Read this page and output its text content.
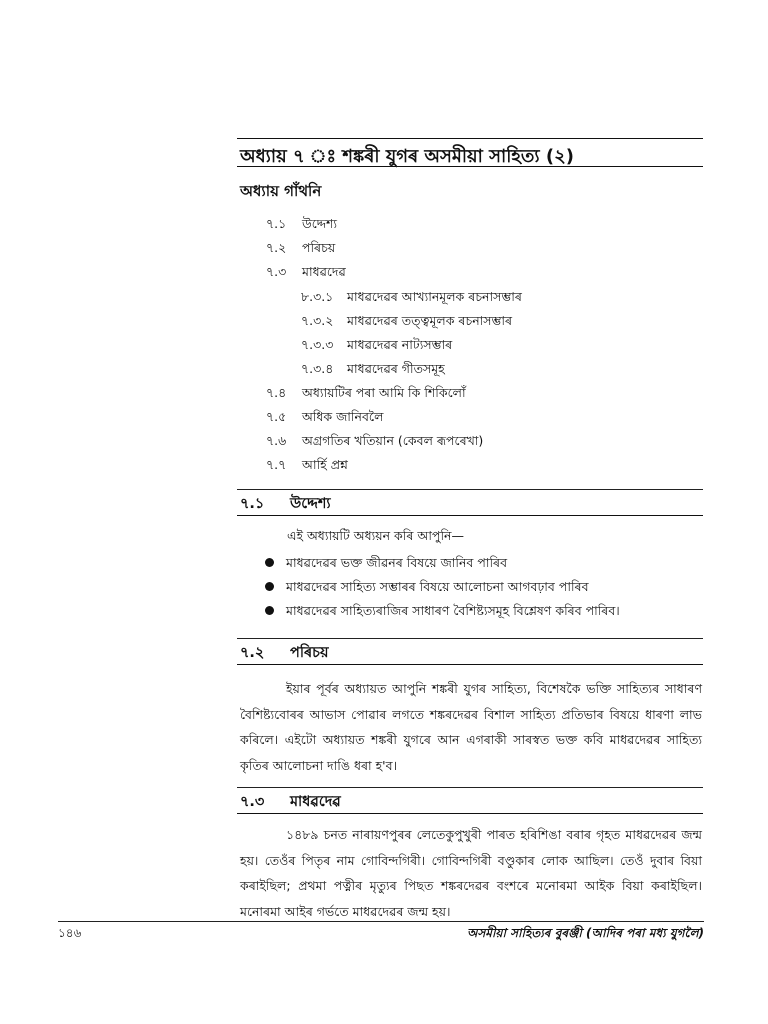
অধ্যায় ৭ ঃ শঙ্কৰী যুগৰ অসমীয়া সাহিত্য (২)
অধ্যায় গাঁথনি
৭.১ উদ্দেশ্য
৭.২ পৰিচয়
৭.৩ মাধৱদেৱ
৮.৩.১ মাধৱদেৱৰ আখ্যানমূলক ৰচনাসম্ভাৰ
৭.৩.২ মাধৱদেৱৰ তত্ত্বমূলক ৰচনাসম্ভাৰ
৭.৩.৩ মাধৱদেৱৰ নাট্যসম্ভাৰ
৭.৩.৪ মাধৱদেৱৰ গীতসমূহ
৭.৪ অধ্যায়টিৰ পৰা আমি কি শিকিলোঁ
৭.৫ অধিক জানিবলৈ
৭.৬ অগ্ৰগতিৰ খতিয়ান (কেবল ৰূপৰেখা)
৭.৭ আৰ্হি প্ৰশ্ন
৭.১ উদ্দেশ্য
এই অধ্যায়টি অধ্যয়ন কৰি আপুনি—
মাধৱদেৱৰ ভক্ত জীৱনৰ বিষয়ে জানিব পাৰিব
মাধৱদেৱৰ সাহিত্য সম্ভাৰৰ বিষয়ে আলোচনা আগবঢ়াব পাৰিব
মাধৱদেৱৰ সাহিত্যৰাজিৰ সাধাৰণ বৈশিষ্ট্যসমূহ বিশ্লেষণ কৰিব পাৰিব।
৭.২ পৰিচয়
ইয়াৰ পূৰ্বৰ অধ্যায়ত আপুনি শঙ্কৰী যুগৰ সাহিত্য, বিশেষকৈ ভক্তি সাহিত্যৰ সাধাৰণ বৈশিষ্ট্যবোৰৰ আভাস পোৱাৰ লগতে শঙ্কৰদেৱৰ বিশাল সাহিত্য প্ৰতিভাৰ বিষয়ে ধাৰণা লাভ কৰিলে। এইটো অধ্যায়ত শঙ্কৰী যুগৰে আন এগৰাকী সাৰস্বত ভক্ত কবি মাধৱদেৱৰ সাহিত্য কৃতিৰ আলোচনা দাঙি ধৰা হ'ব।
৭.৩ মাধৱদেৱ
১৪৮৯ চনত নাৰায়ণপুৰৰ লেতেকুপুখুৰী পাৰত হৰিশিঙা বৰাৰ গৃহত মাধৱদেৱৰ জন্ম হয়। তেওঁৰ পিতৃৰ নাম গোবিন্দগিৰী। গোবিন্দগিৰী বণ্ডুকাৰ লোক আছিল। তেওঁ দুবাৰ বিয়া কৰাইছিল; প্ৰথমা পত্নীৰ মৃত্যুৰ পিছত শঙ্কৰদেৱৰ বংশৰে মনোৰমা আইক বিয়া কৰাইছিল। মনোৰমা আইৰ গৰ্ভতে মাধৱদেৱৰ জন্ম হয়।
১৪৬	অসমীয়া সাহিত্যৰ বুৰঞ্জী (আদিৰ পৰা মধ্য যুগলৈ)
